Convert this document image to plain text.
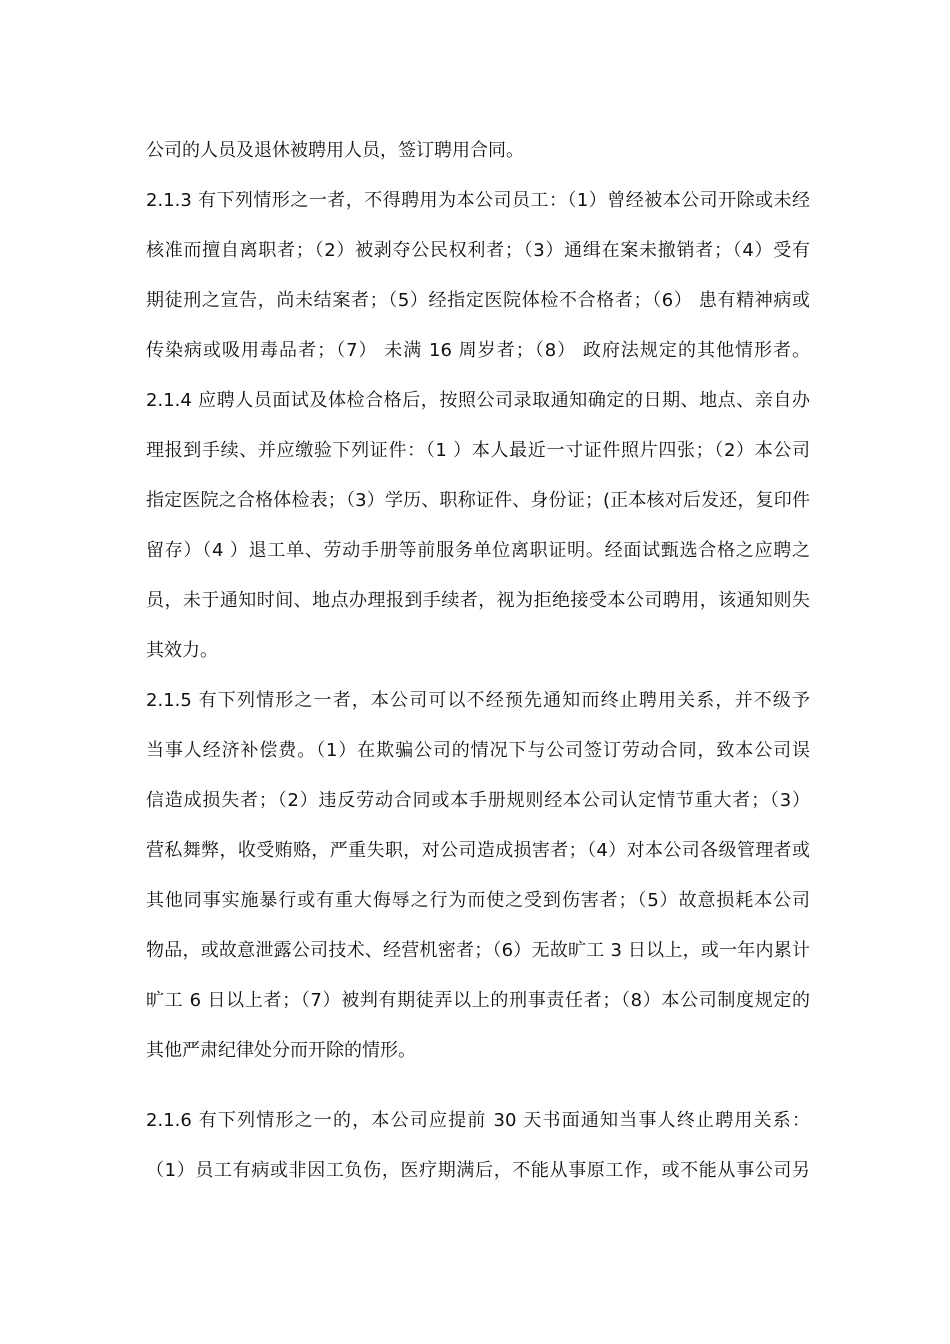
公司的人员及退休被聘用人员，签订聘用合同。
2.1.3 有下列情形之一者，不得聘用为本公司员工：（1）曾经被本公司开除或未经
核准而擅自离职者；（2）被剥夺公民权利者；（3）通缉在案未撤销者；（4）受有
期徒刑之宣告，尚未结案者；（5）经指定医院体检不合格者；（6） 患有精神病或
传染病或吸用毒品者；（7） 未满 16 周岁者；（8） 政府法规定的其他情形者。
2.1.4 应聘人员面试及体检合格后，按照公司录取通知确定的日期、地点、亲自办
理报到手续、并应缴验下列证件：（1 ）本人最近一寸证件照片四张；（2）本公司
指定医院之合格体检表；（3）学历、职称证件、身份证；(正本核对后发还，复印件
留存）（4 ）退工单、劳动手册等前服务单位离职证明。经面试甄选合格之应聘之
员，未于通知时间、地点办理报到手续者，视为拒绝接受本公司聘用，该通知则失
其效力。
2.1.5 有下列情形之一者，本公司可以不经预先通知而终止聘用关系，并不级予
当事人经济补偿费。（1）在欺骗公司的情况下与公司签订劳动合同，致本公司误
信造成损失者；（2）违反劳动合同或本手册规则经本公司认定情节重大者；（3）
营私舞弊，收受贿赂，严重失职，对公司造成损害者；（4）对本公司各级管理者或
其他同事实施暴行或有重大侮辱之行为而使之受到伤害者；（5）故意损耗本公司
物品，或故意泄露公司技术、经营机密者；（6）无故旷工 3 日以上，或一年内累计
旷工 6 日以上者；（7）被判有期徒弄以上的刑事责任者；（8）本公司制度规定的
其他严肃纪律处分而开除的情形。
2.1.6 有下列情形之一的，本公司应提前 30 天书面通知当事人终止聘用关系：
（1）员工有病或非因工负伤，医疗期满后，不能从事原工作，或不能从事公司另
